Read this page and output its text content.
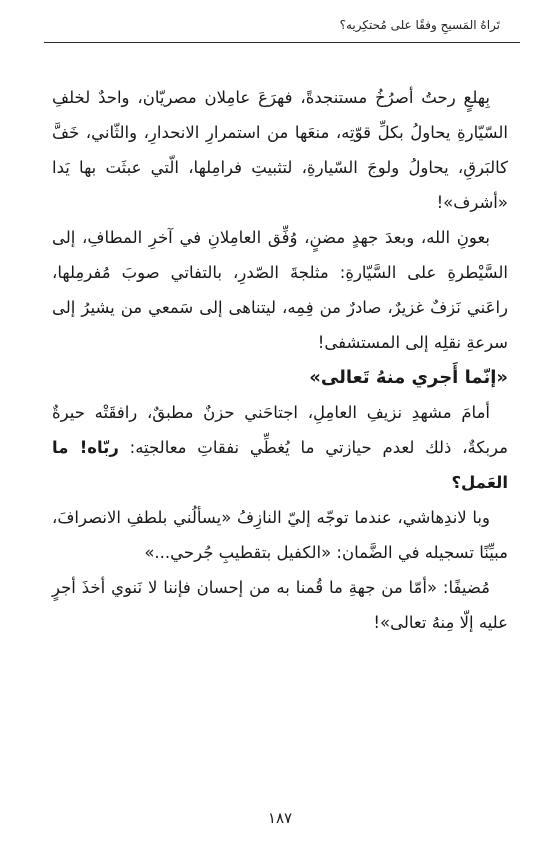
تَراهُ المَسيحِ وفقًا على مُحتكِريه؟

بِهلعٍ رحتُ أصرُخُ مستنجدةً، فهرَعَ عامِلان مصريّان، واحدٌ لخلفِ السّيّارةِ يحاولُ بكلِّ قوّتِه، منعَها من استمرارِ الانحدارِ، والثّاني، خَفَّ كالبَرقِ، يحاولُ ولوجَ السّيارةِ، لتثبيتِ فرامِلها، الّتي عبثَت بها يَدا «أشرف»!

بعونِ الله، وبعدَ جهدٍ مضنٍ، وُفِّق العامِلانِ في آخرِ المطافِ، إلى السَّيْطرةِ على السَّيّارةِ: مثلجةَ الصّدرِ، بالتفاتي صوبَ مُفرمِلها، راعَني نَزفٌ غزيرٌ، صادرٌ من فِمِه، ليتناهى إلى سَمعي من يشيرُ إلى سرعةِ نقلِه إلى المستشفى!

«إنّما أَجري منهُ تَعالى»

أمامَ مشهدِ نزيفِ العامِلِ، اجتاحَني حزنٌ مطبقٌ، رافقَتْه حيرةٌ مربكةٌ، ذلك لعدم حيازتي ما يُغطِّي نفقاتِ معالجتِه: ربّاه! ما العَمل؟

وبا لاندِهاشي، عندما توجّه إليّ النازِفُ «يسألُني بلطفِ الانصرافَ، مبيِّنًا تسجيله في الضَّمان: «الكفيل بتقطيبِ جُرحي...»

مُضيفًا: «أمّا من جهةِ ما قُمنا به من إحسان فإننا لا نَنوي أخذَ أجرٍ عليه إلّا مِنهُ تعالى»!

١٨٧
